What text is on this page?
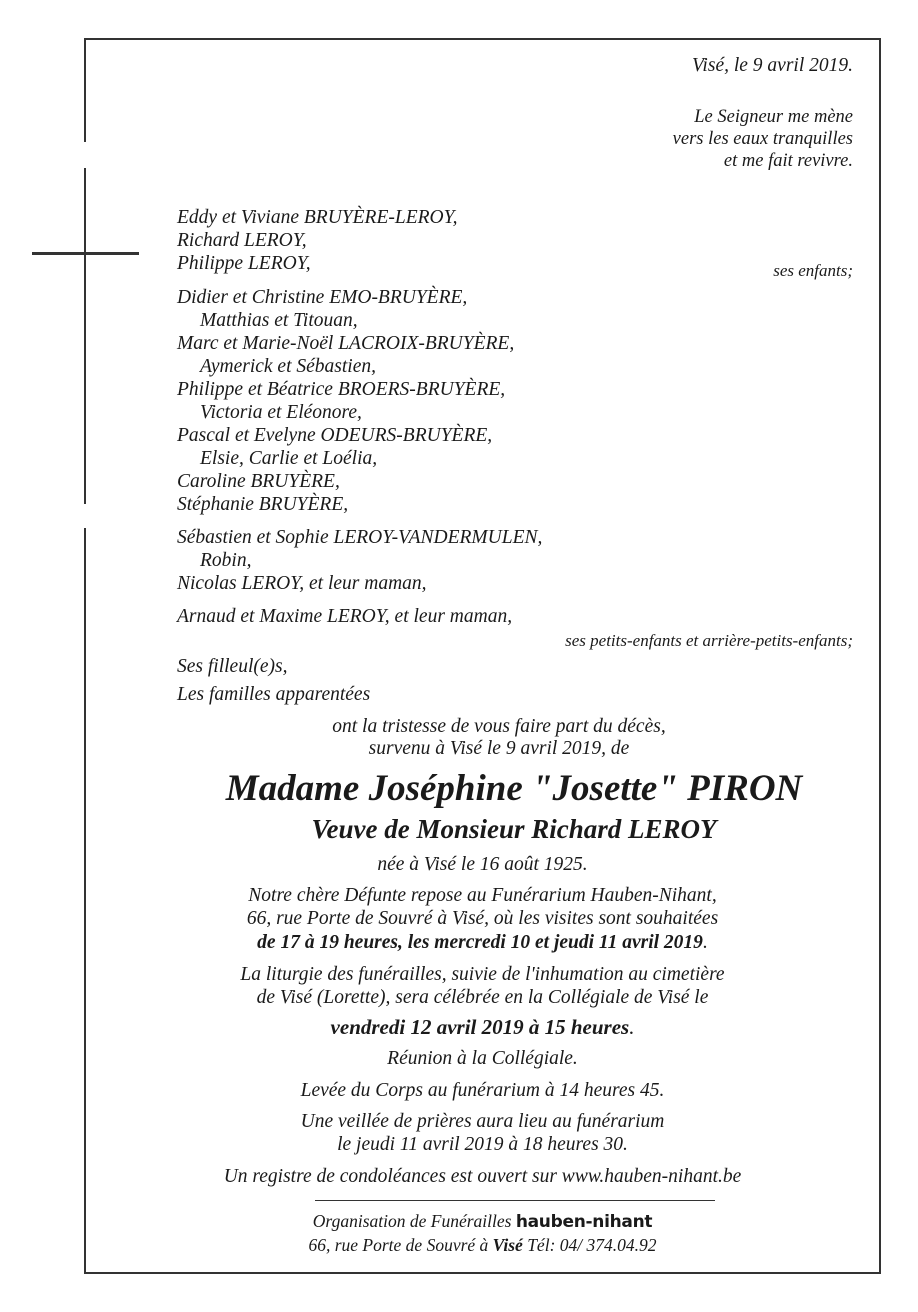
Visé, le 9 avril 2019.
Le Seigneur me mène
vers les eaux tranquilles
et me fait revivre.
Eddy et Viviane BRUYÈRE-LEROY,
Richard LEROY,
Philippe LEROY,	ses enfants;
Didier et Christine EMO-BRUYÈRE,
Matthias et Titouan,
Marc et Marie-Noël LACROIX-BRUYÈRE,
Aymerick et Sébastien,
Philippe et Béatrice BROERS-BRUYÈRE,
Victoria et Eléonore,
Pascal et Evelyne ODEURS-BRUYÈRE,
Elsie, Carlie et Loélia,
Caroline BRUYÈRE,
Stéphanie BRUYÈRE,
Sébastien et Sophie LEROY-VANDERMULEN,
Robin,
Nicolas LEROY, et leur maman,
Arnaud et Maxime LEROY, et leur maman,
ses petits-enfants et arrière-petits-enfants;
Ses filleul(e)s,
Les familles apparentées
ont la tristesse de vous faire part du décès,
survenu à Visé le 9 avril 2019, de
Madame Joséphine "Josette" PIRON
Veuve de Monsieur Richard LEROY
née à Visé le 16 août 1925.
Notre chère Défunte repose au Funérarium Hauben-Nihant,
66, rue Porte de Souvré à Visé, où les visites sont souhaitées
de 17 à 19 heures, les mercredi 10 et jeudi 11 avril 2019.
La liturgie des funérailles, suivie de l'inhumation au cimetière
de Visé (Lorette), sera célébrée en la Collégiale de Visé le
vendredi 12 avril 2019 à 15 heures.
Réunion à la Collégiale.
Levée du Corps au funérarium à 14 heures 45.
Une veillée de prières aura lieu au funérarium
le jeudi 11 avril 2019 à 18 heures 30.
Un registre de condoléances est ouvert sur www.hauben-nihant.be
Organisation de Funérailles hauben-nihant
66, rue Porte de Souvré à Visé Tél: 04/ 374.04.92
